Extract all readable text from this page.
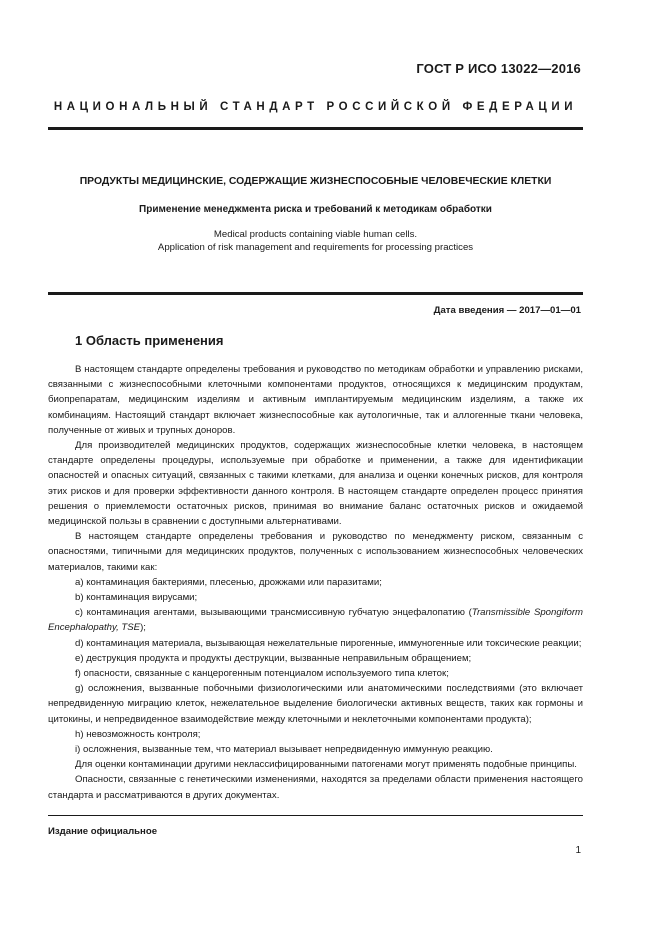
ГОСТ Р ИСО 13022—2016
НАЦИОНАЛЬНЫЙ СТАНДАРТ РОССИЙСКОЙ ФЕДЕРАЦИИ
ПРОДУКТЫ МЕДИЦИНСКИЕ, СОДЕРЖАЩИЕ ЖИЗНЕСПОСОБНЫЕ ЧЕЛОВЕЧЕСКИЕ КЛЕТКИ
Применение менеджмента риска и требований к методикам обработки
Medical products containing viable human cells.
Application of risk management and requirements for processing practices
Дата введения — 2017—01—01
1 Область применения

В настоящем стандарте определены требования и руководство по методикам обработки и управлению рисками, связанными с жизнеспособными клеточными компонентами продуктов, относящихся к медицинским продуктам, биопрепаратам, медицинским изделиям и активным имплантируемым медицинским изделиям, а также их комбинациям. Настоящий стандарт включает жизнеспособные как аутологичные, так и аллогенные ткани человека, полученные от живых и трупных доноров.

Для производителей медицинских продуктов, содержащих жизнеспособные клетки человека, в настоящем стандарте определены процедуры, используемые при обработке и применении, а также для идентификации опасностей и опасных ситуаций, связанных с такими клетками, для анализа и оценки конечных рисков, для контроля этих рисков и для проверки эффективности данного контроля. В настоящем стандарте определен процесс принятия решения о приемлемости остаточных рисков, принимая во внимание баланс остаточных рисков и ожидаемой медицинской пользы в сравнении с доступными альтернативами.

В настоящем стандарте определены требования и руководство по менеджменту риском, связанным с опасностями, типичными для медицинских продуктов, полученных с использованием жизнеспособных человеческих материалов, такими как:

a) контаминация бактериями, плесенью, дрожжами или паразитами;

b) контаминация вирусами;

c) контаминация агентами, вызывающими трансмиссивную губчатую энцефалопатию (Transmissible Spongiform Encephalopathy, TSE);

d) контаминация материала, вызывающая нежелательные пирогенные, иммуногенные или токсические реакции;

e) деструкция продукта и продукты деструкции, вызванные неправильным обращением;

f) опасности, связанные с канцерогенным потенциалом используемого типа клеток;

g) осложнения, вызванные побочными физиологическими или анатомическими последствиями (это включает непредвиденную миграцию клеток, нежелательное выделение биологически активных веществ, таких как гормоны и цитокины, и непредвиденное взаимодействие между клеточными и неклеточными компонентами продукта);

h) невозможность контроля;

i) осложнения, вызванные тем, что материал вызывает непредвиденную иммунную реакцию.

Для оценки контаминации другими неклассифицированными патогенами могут применять подобные принципы.

Опасности, связанные с генетическими изменениями, находятся за пределами области применения настоящего стандарта и рассматриваются в других документах.

Издание официальное
1
